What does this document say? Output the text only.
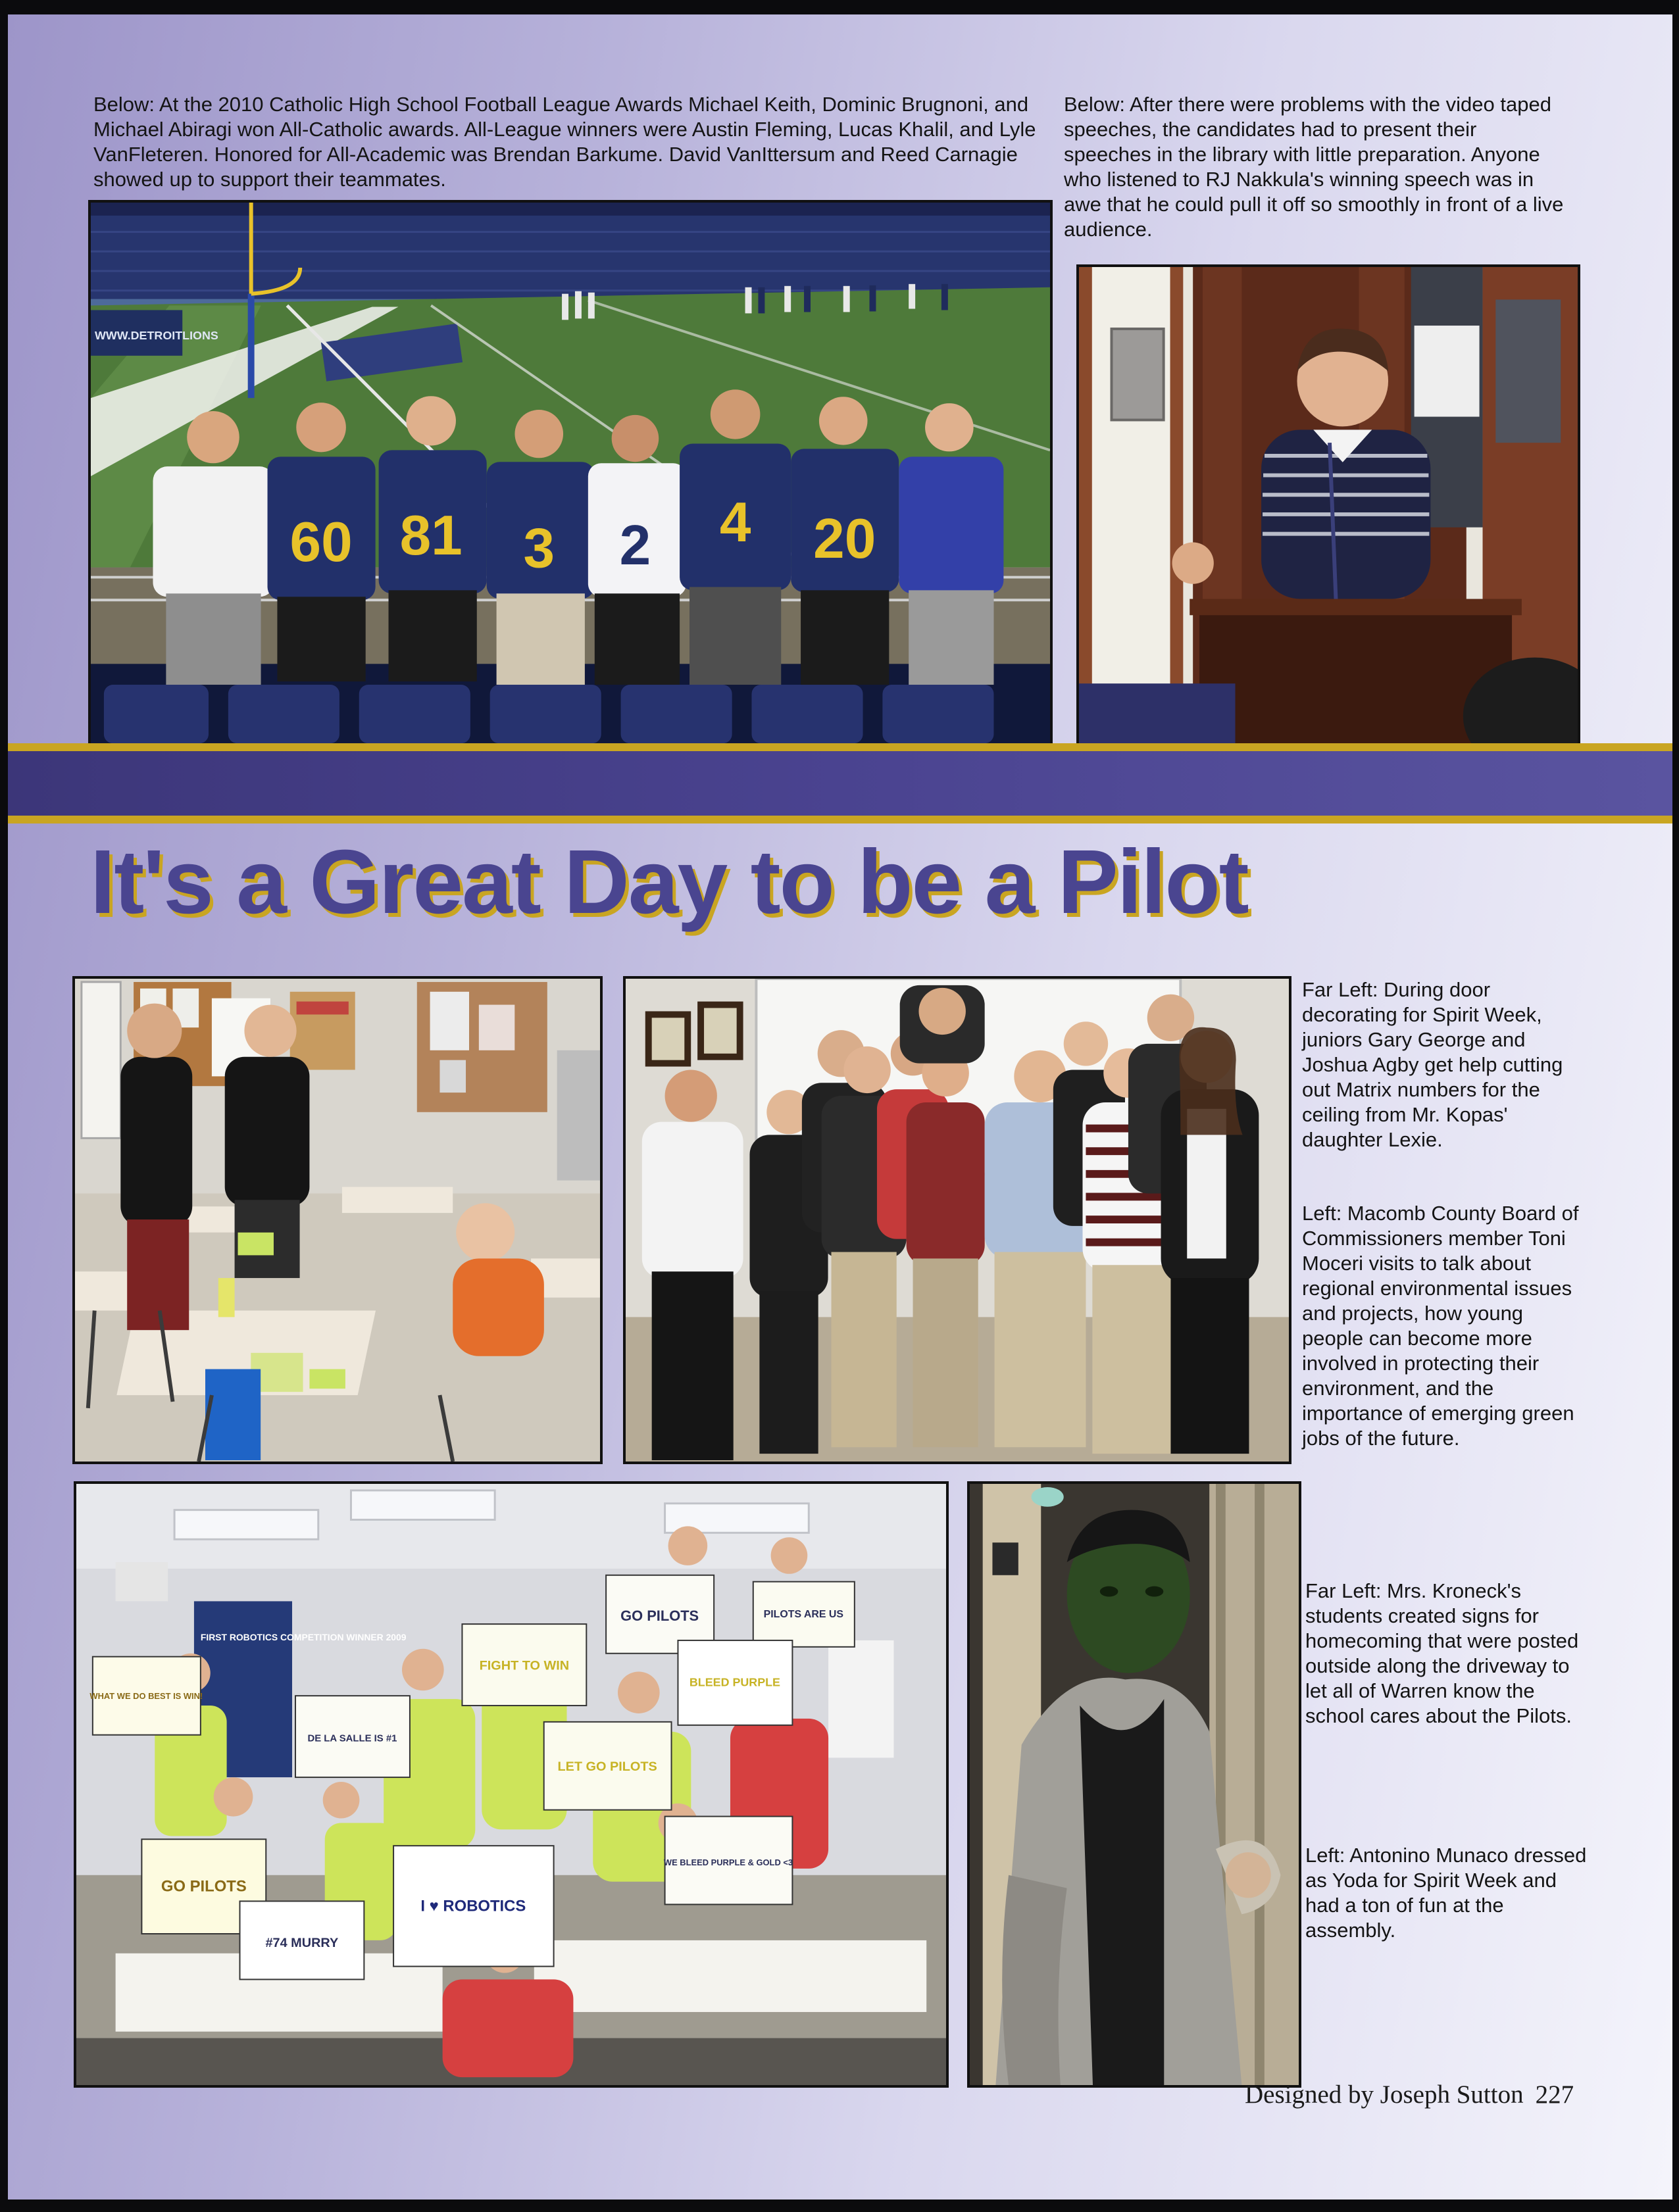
Below: At the 2010 Catholic High School Football League Awards Michael Keith, Dominic Brugnoni, and Michael Abiragi won All-Catholic awards. All-League winners were Austin Fleming, Lucas Khalil, and Lyle VanFleteren. Honored for All-Academic was Brendan Barkume. David VanIttersum and Reed Carnagie showed up to support their teammates.

Below: After there were problems with the video taped speeches, the candidates had to present their speeches in the library with little preparation. Anyone who listened to RJ Nakkula's winning speech was in awe that he could pull it off so smoothly in front of a live audience.

WWW.DETROITLIONS
60 81 3 2 4 20
It's a Great Day to be a Pilot

Far Left: During door decorating for Spirit Week, juniors Gary George and Joshua Agby get help cutting out Matrix numbers for the ceiling from Mr. Kopas' daughter Lexie.

Left: Macomb County Board of Commissioners member Toni Moceri visits to talk about regional environmental issues and projects, how young people can become more involved in protecting their environment, and the importance of emerging green jobs of the future.

FIRST ROBOTICS COMPETITION WINNER 2009
WHAT WE DO BEST IS WIN!
DE LA SALLE IS #1
FIGHT TO WIN
GO PILOTS	PILOTS ARE US
BLEED PURPLE
LET GO PILOTS
WE BLEED PURPLE & GOLD <3
GO PILOTS
#74 MURRY
I ♥ ROBOTICS

Far Left: Mrs. Kroneck's students created signs for homecoming that were posted outside along the driveway to let all of Warren know the school cares about the Pilots.

Left: Antonino Munaco dressed as Yoda for Spirit Week and had a ton of fun at the assembly.

Designed by Joseph Sutton 227
